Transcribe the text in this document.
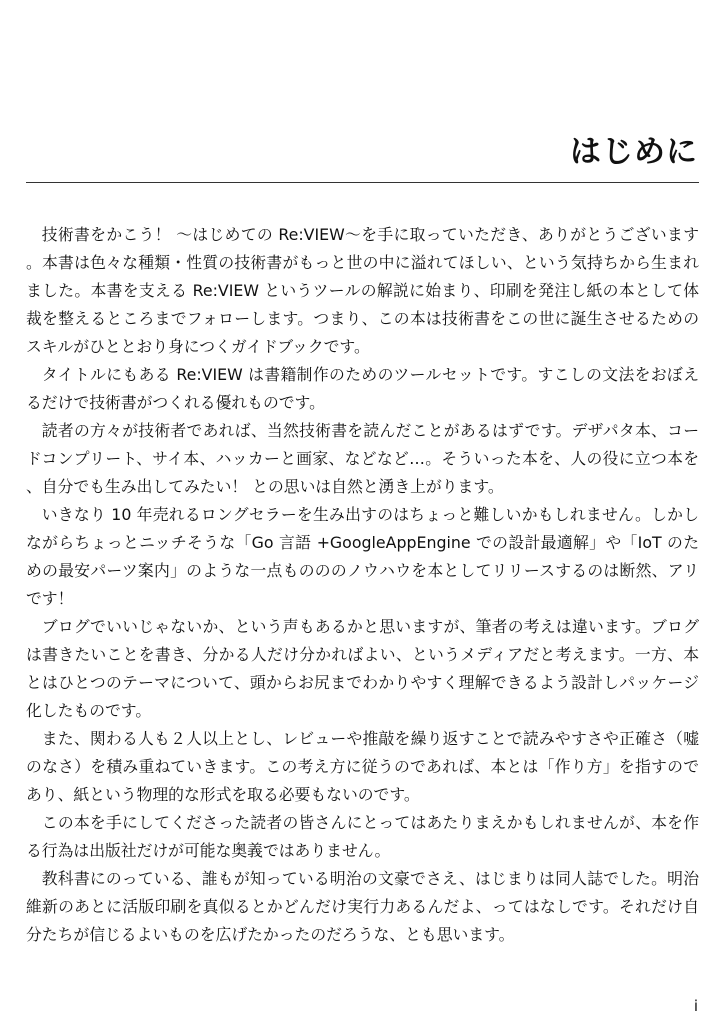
はじめに

技術書をかこう！ 〜はじめての Re:VIEW〜を手に取っていただき、ありがとうございます。本書は色々な種類・性質の技術書がもっと世の中に溢れてほしい、という気持ちから生まれました。本書を支える Re:VIEW というツールの解説に始まり、印刷を発注し紙の本として体裁を整えるところまでフォローします。つまり、この本は技術書をこの世に誕生させるためのスキルがひととおり身につくガイドブックです。

タイトルにもある Re:VIEW は書籍制作のためのツールセットです。すこしの文法をおぼえるだけで技術書がつくれる優れものです。

読者の方々が技術者であれば、当然技術書を読んだことがあるはずです。デザパタ本、コードコンプリート、サイ本、ハッカーと画家、などなど…。そういった本を、人の役に立つ本を、自分でも生み出してみたい！ との思いは自然と湧き上がります。

いきなり 10 年売れるロングセラーを生み出すのはちょっと難しいかもしれません。しかしながらちょっとニッチそうな「Go 言語 +GoogleAppEngine での設計最適解」や「IoT のための最安パーツ案内」のような一点ものののノウハウを本としてリリースするのは断然、アリです！

ブログでいいじゃないか、という声もあるかと思いますが、筆者の考えは違います。ブログは書きたいことを書き、分かる人だけ分かればよい、というメディアだと考えます。一方、本とはひとつのテーマについて、頭からお尻までわかりやすく理解できるよう設計しパッケージ化したものです。

また、関わる人も２人以上とし、レビューや推敲を繰り返すことで読みやすさや正確さ（嘘のなさ）を積み重ねていきます。この考え方に従うのであれば、本とは「作り方」を指すのであり、紙という物理的な形式を取る必要もないのです。

この本を手にしてくださった読者の皆さんにとってはあたりまえかもしれませんが、本を作る行為は出版社だけが可能な奥義ではありません。

教科書にのっている、誰もが知っている明治の文豪でさえ、はじまりは同人誌でした。明治維新のあとに活版印刷を真似るとかどんだけ実行力あるんだよ、ってはなしです。それだけ自分たちが信じるよいものを広げたかったのだろうな、とも思います。

i
